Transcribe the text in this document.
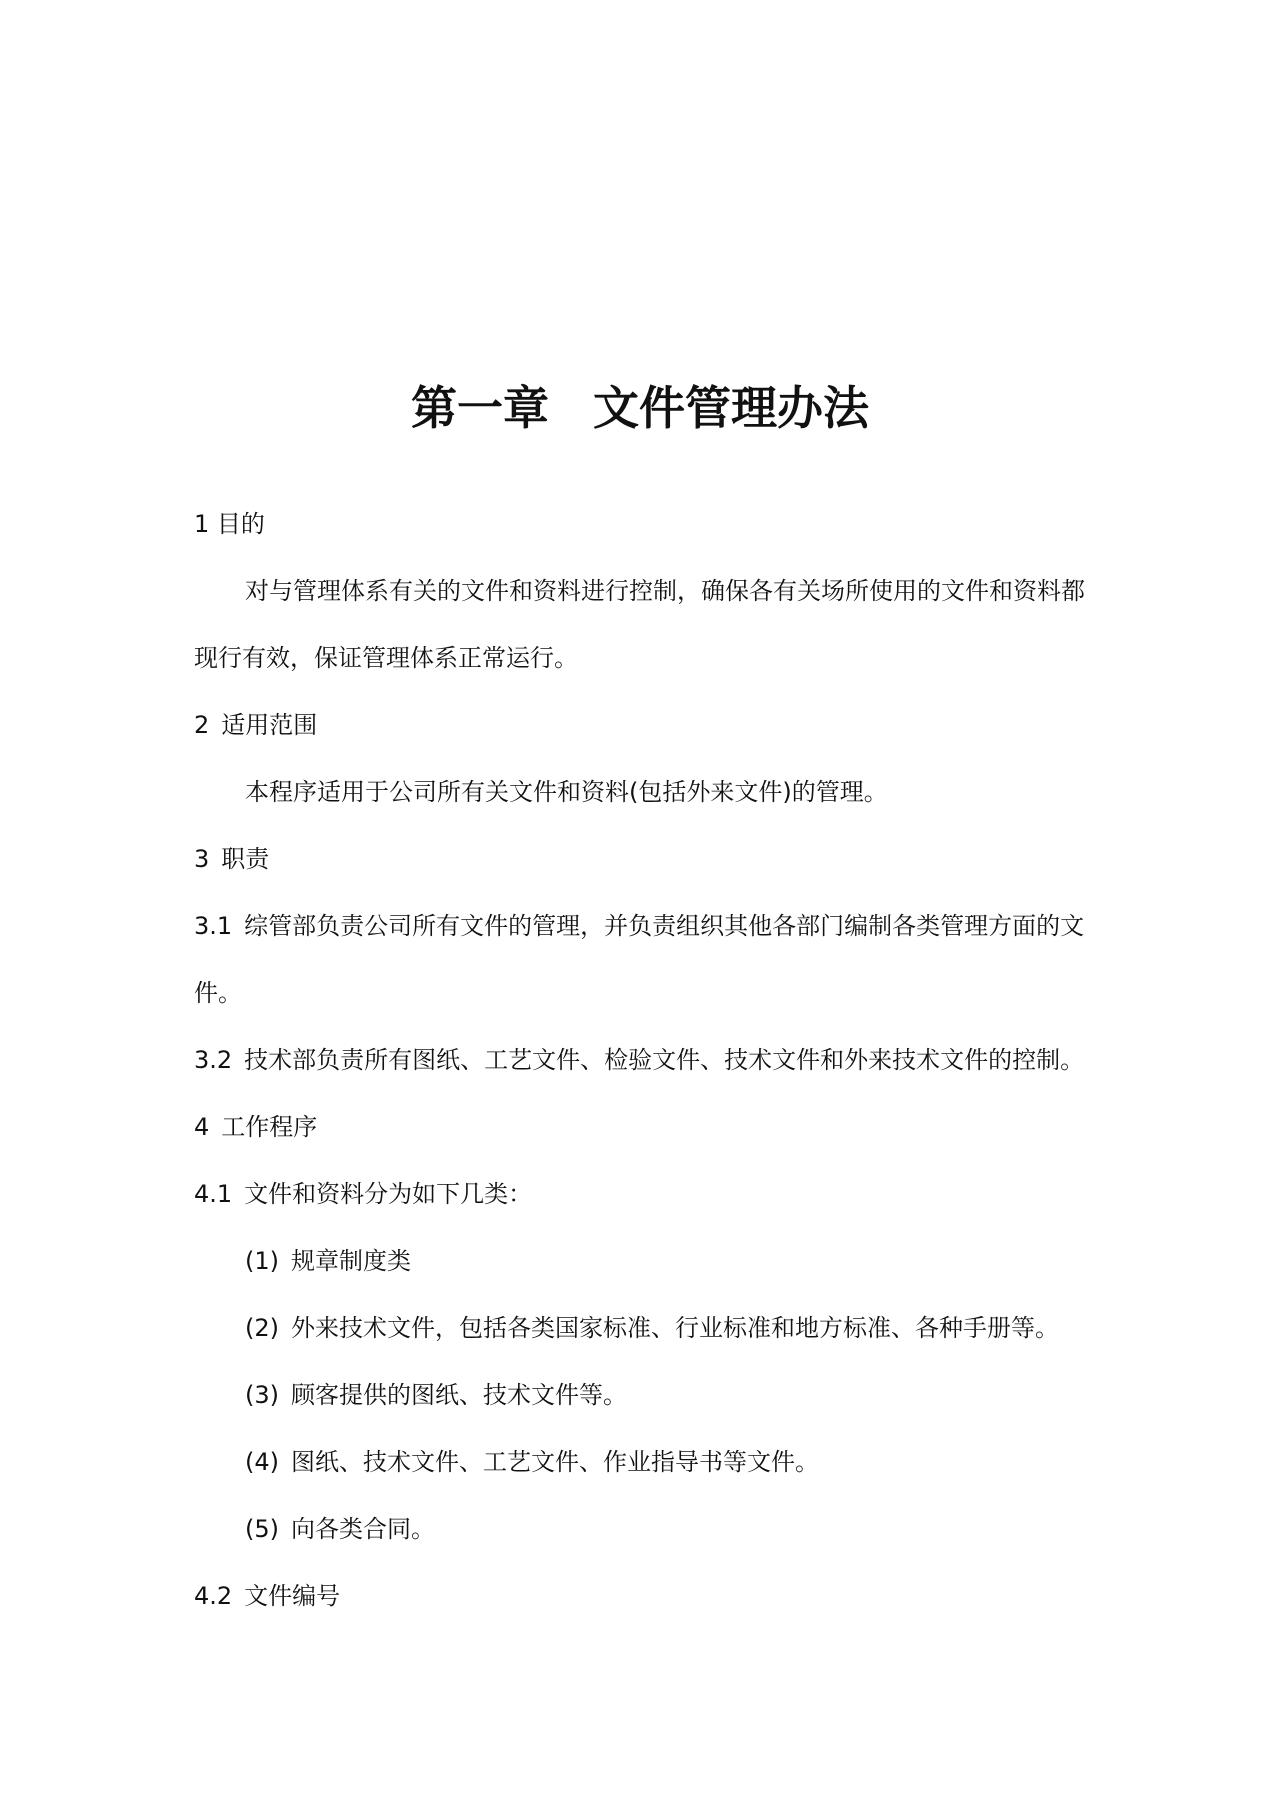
第一章 文件管理办法
1 目的
对与管理体系有关的文件和资料进行控制，确保各有关场所使用的文件和资料都
现行有效，保证管理体系正常运行。
2 适用范围
本程序适用于公司所有关文件和资料(包括外来文件)的管理。
3 职责
3.1 综管部负责公司所有文件的管理，并负责组织其他各部门编制各类管理方面的文
件。
3.2 技术部负责所有图纸、工艺文件、检验文件、技术文件和外来技术文件的控制。
4 工作程序
4.1 文件和资料分为如下几类：
(1) 规章制度类
(2) 外来技术文件，包括各类国家标准、行业标准和地方标准、各种手册等。
(3) 顾客提供的图纸、技术文件等。
(4) 图纸、技术文件、工艺文件、作业指导书等文件。
(5) 向各类合同。
4.2 文件编号
